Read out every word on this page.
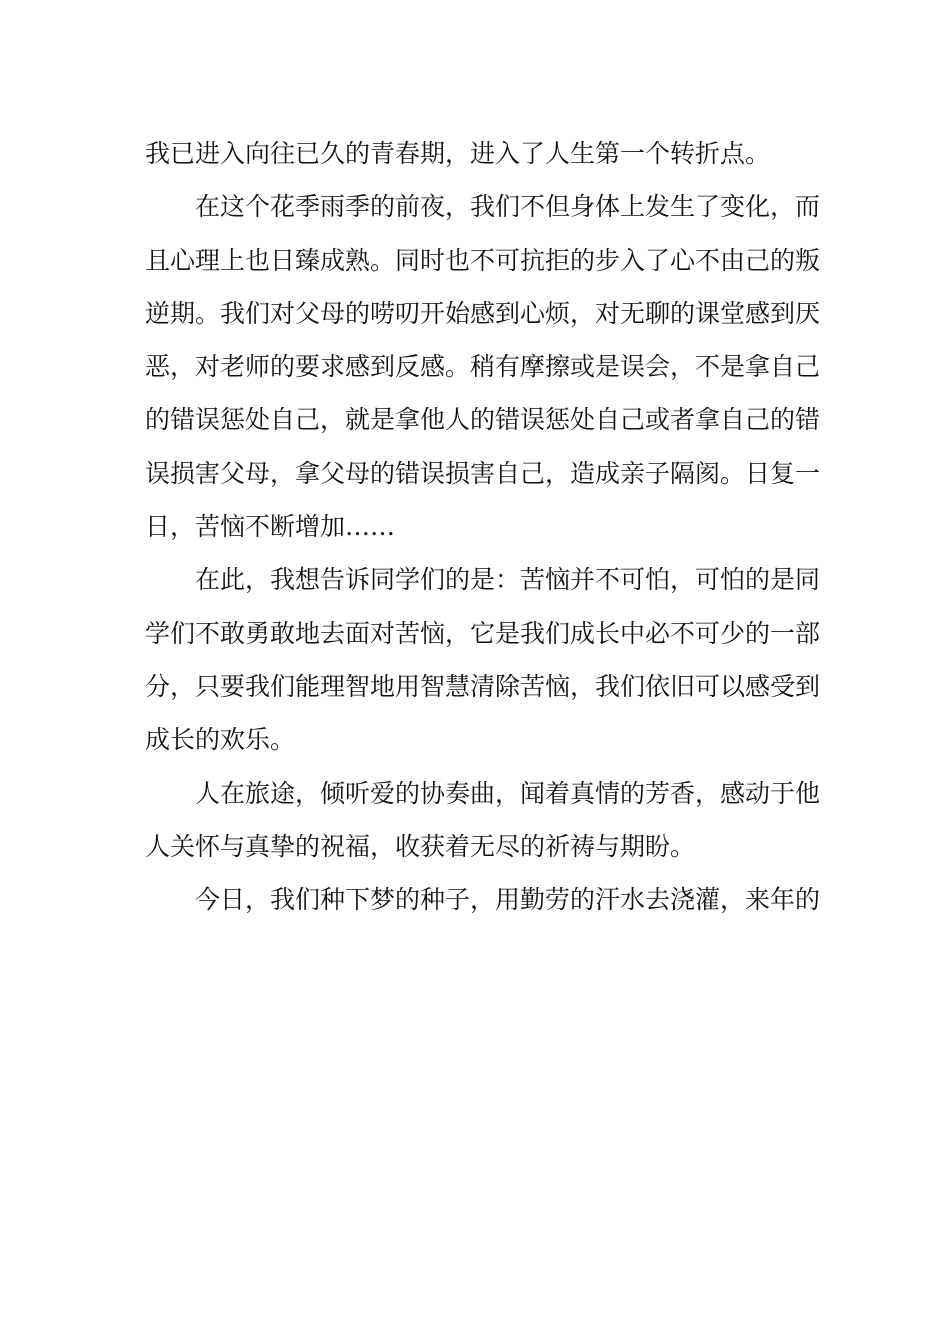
我已进入向往已久的青春期，进入了人生第一个转折点。
在这个花季雨季的前夜，我们不但身体上发生了变化，而
且心理上也日臻成熟。同时也不可抗拒的步入了心不由己的叛
逆期。我们对父母的唠叨开始感到心烦，对无聊的课堂感到厌
恶，对老师的要求感到反感。稍有摩擦或是误会，不是拿自己
的错误惩处自己，就是拿他人的错误惩处自己或者拿自己的错
误损害父母，拿父母的错误损害自己，造成亲子隔阂。日复一
日，苦恼不断增加……
在此，我想告诉同学们的是：苦恼并不可怕，可怕的是同
学们不敢勇敢地去面对苦恼，它是我们成长中必不可少的一部
分，只要我们能理智地用智慧清除苦恼，我们依旧可以感受到
成长的欢乐。
人在旅途，倾听爱的协奏曲，闻着真情的芳香，感动于他
人关怀与真挚的祝福，收获着无尽的祈祷与期盼。
今日，我们种下梦的种子，用勤劳的汗水去浇灌，来年的
